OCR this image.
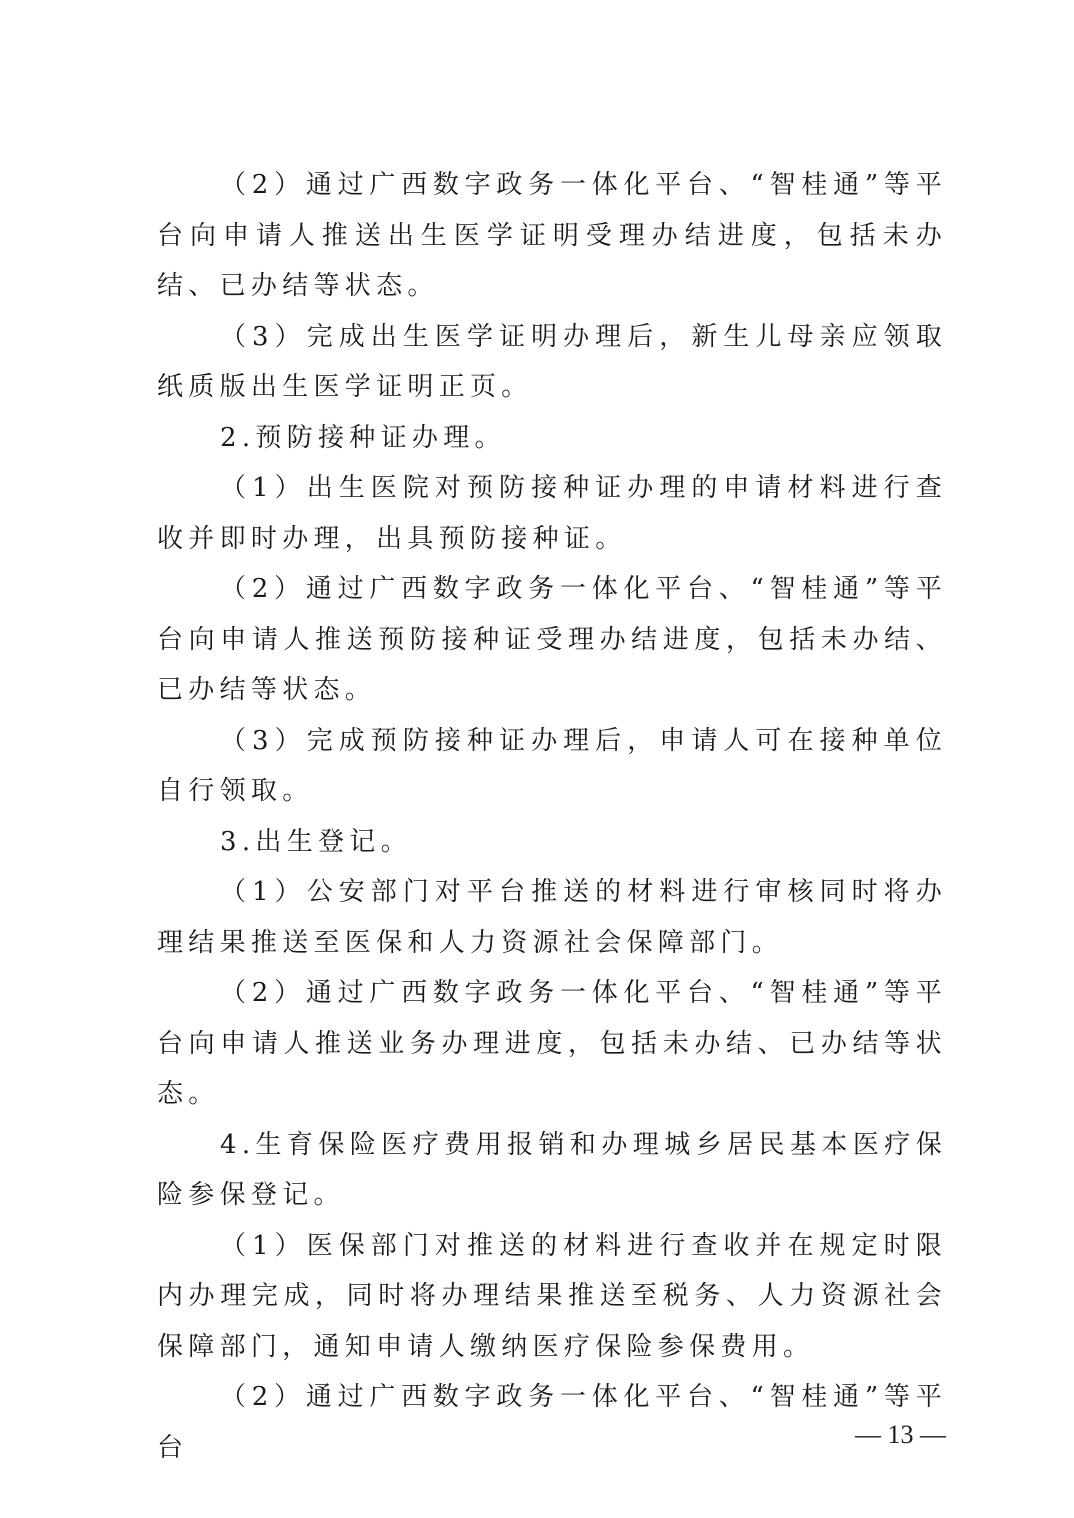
（2）通过广西数字政务一体化平台、“智桂通”等平台向申请人推送出生医学证明受理办结进度，包括未办结、已办结等状态。

（3）完成出生医学证明办理后，新生儿母亲应领取纸质版出生医学证明正页。

2.预防接种证办理。

（1）出生医院对预防接种证办理的申请材料进行查收并即时办理，出具预防接种证。

（2）通过广西数字政务一体化平台、“智桂通”等平台向申请人推送预防接种证受理办结进度，包括未办结、已办结等状态。

（3）完成预防接种证办理后，申请人可在接种单位自行领取。

3.出生登记。

（1）公安部门对平台推送的材料进行审核同时将办理结果推送至医保和人力资源社会保障部门。

（2）通过广西数字政务一体化平台、“智桂通”等平台向申请人推送业务办理进度，包括未办结、已办结等状态。

4.生育保险医疗费用报销和办理城乡居民基本医疗保险参保登记。

（1）医保部门对推送的材料进行查收并在规定时限内办理完成，同时将办理结果推送至税务、人力资源社会保障部门，通知申请人缴纳医疗保险参保费用。

（2）通过广西数字政务一体化平台、“智桂通”等平台	— 13 —
